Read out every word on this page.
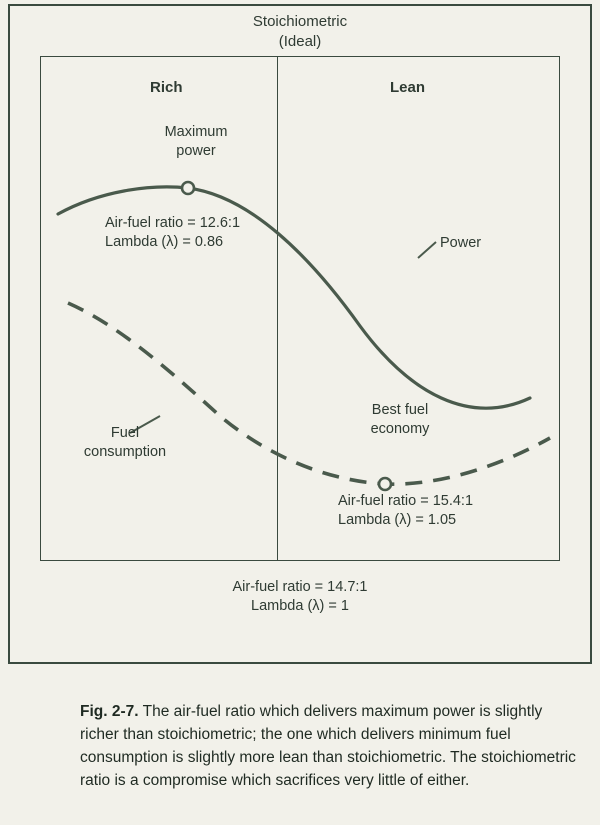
Stoichiometric
(Ideal)
Rich	Lean
Maximum
power
Air-fuel ratio = 12.6:1
Lambda (λ) = 0.86	Power
Fuel
consumption
Best fuel
economy
Air-fuel ratio = 15.4:1
Lambda (λ) = 1.05
Air-fuel ratio = 14.7:1
Lambda (λ) = 1
Fig. 2-7. The air-fuel ratio which delivers maximum power is slightly richer than stoichiometric; the one which delivers minimum fuel consumption is slightly more lean than stoichiometric. The stoichiometric ratio is a compromise which sacrifices very little of either.
